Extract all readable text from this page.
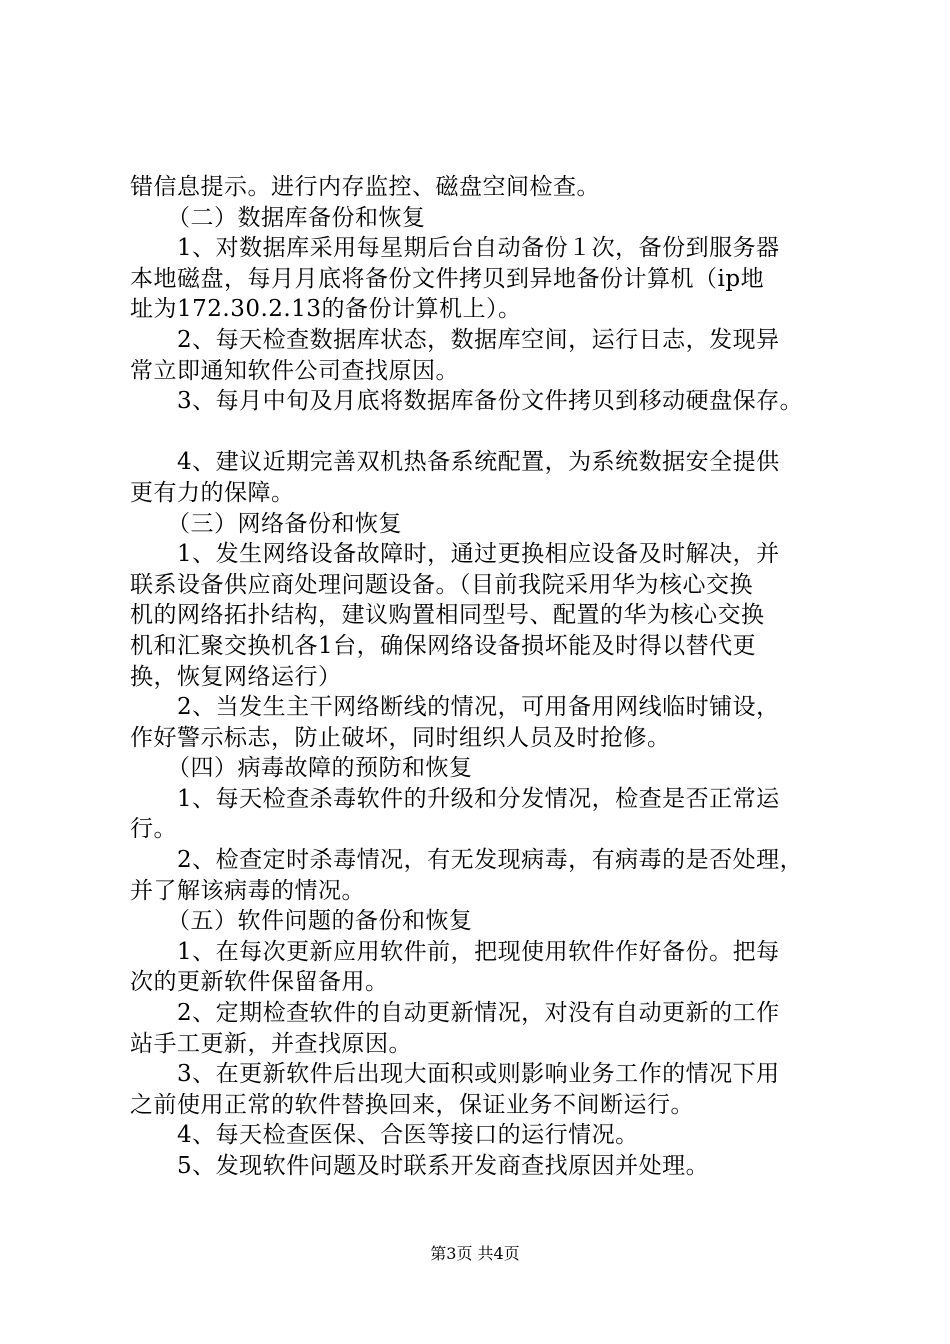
错信息提示。进行内存监控、磁盘空间检查。
（二）数据库备份和恢复
1、对数据库采用每星期后台自动备份１次，备份到服务器
本地磁盘，每月月底将备份文件拷贝到异地备份计算机（ip地
址为172.30.2.13的备份计算机上）。
2、每天检查数据库状态，数据库空间，运行日志，发现异
常立即通知软件公司查找原因。
3、每月中旬及月底将数据库备份文件拷贝到移动硬盘保存。
4、建议近期完善双机热备系统配置，为系统数据安全提供
更有力的保障。
（三）网络备份和恢复
1、发生网络设备故障时，通过更换相应设备及时解决，并
联系设备供应商处理问题设备。（目前我院采用华为核心交换
机的网络拓扑结构，建议购置相同型号、配置的华为核心交换
机和汇聚交换机各1台，确保网络设备损坏能及时得以替代更
换，恢复网络运行）
2、当发生主干网络断线的情况，可用备用网线临时铺设，
作好警示标志，防止破坏，同时组织人员及时抢修。
（四）病毒故障的预防和恢复
1、每天检查杀毒软件的升级和分发情况，检查是否正常运
行。
2、检查定时杀毒情况，有无发现病毒，有病毒的是否处理，
并了解该病毒的情况。
（五）软件问题的备份和恢复
1、在每次更新应用软件前，把现使用软件作好备份。把每
次的更新软件保留备用。
2、定期检查软件的自动更新情况，对没有自动更新的工作
站手工更新，并查找原因。
3、在更新软件后出现大面积或则影响业务工作的情况下用
之前使用正常的软件替换回来，保证业务不间断运行。
4、每天检查医保、合医等接口的运行情况。
5、发现软件问题及时联系开发商查找原因并处理。
第3页 共4页
